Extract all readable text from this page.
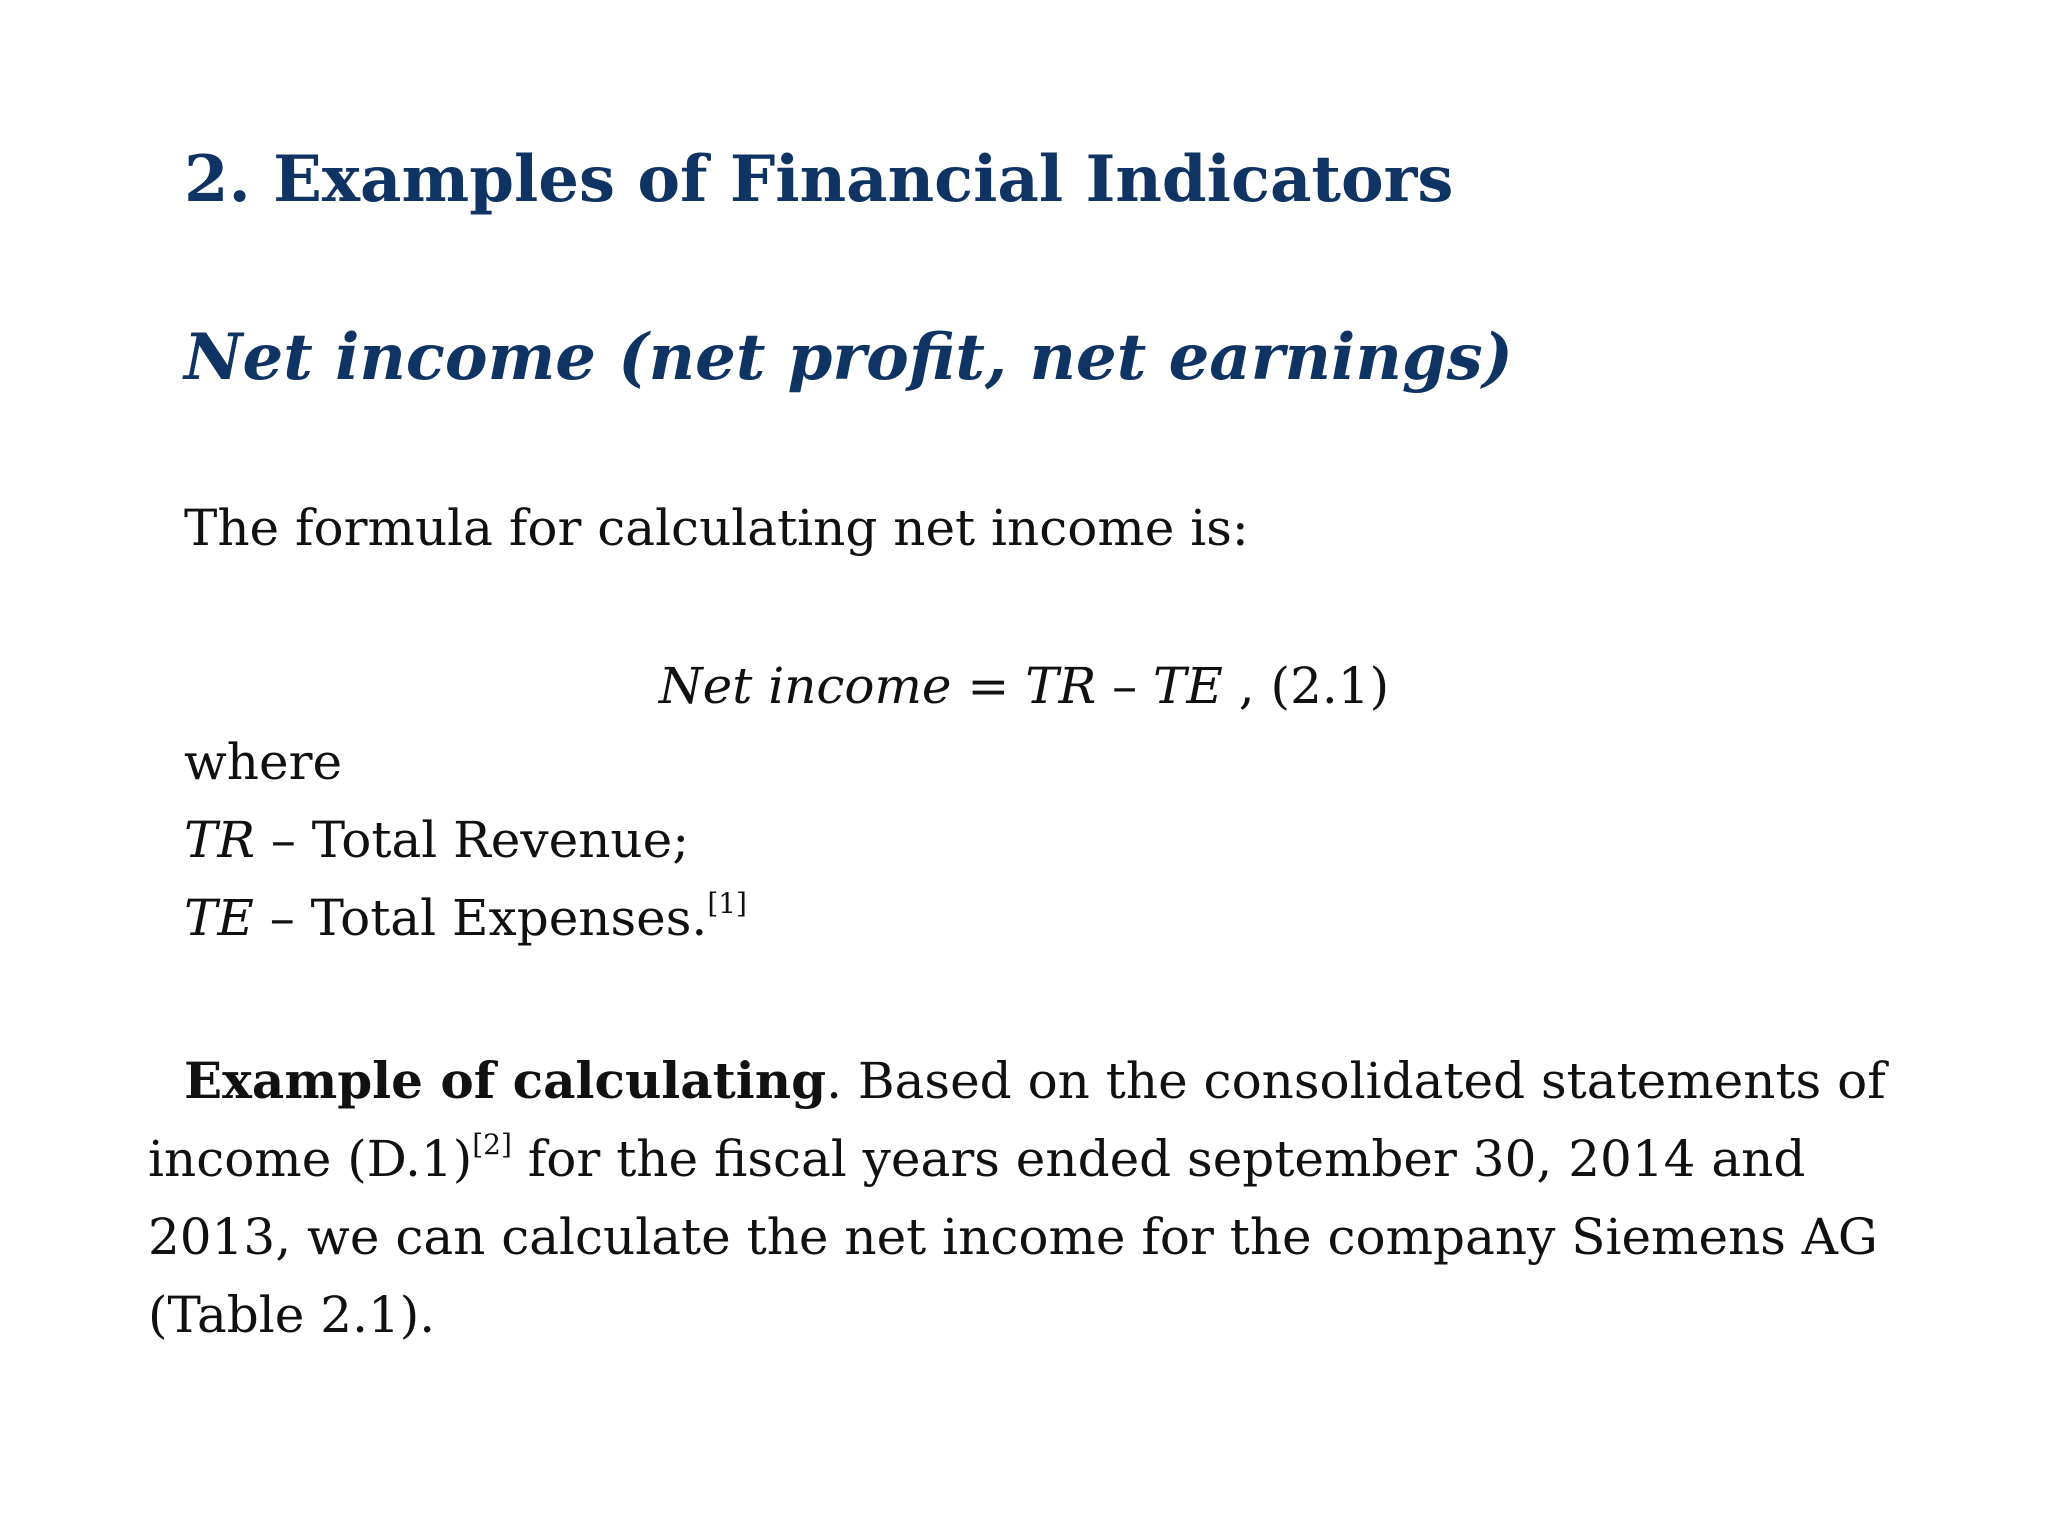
2. Examples of Financial Indicators
Net income (net profit, net earnings)

The formula for calculating net income is:

Net income = TR – TE , (2.1)

where

TR – Total Revenue;

TE – Total Expenses.[1]

Example of calculating. Based on the consolidated statements of income (D.1)[2] for the fiscal years ended september 30, 2014 and 2013, we can calculate the net income for the company Siemens AG (Table 2.1).
